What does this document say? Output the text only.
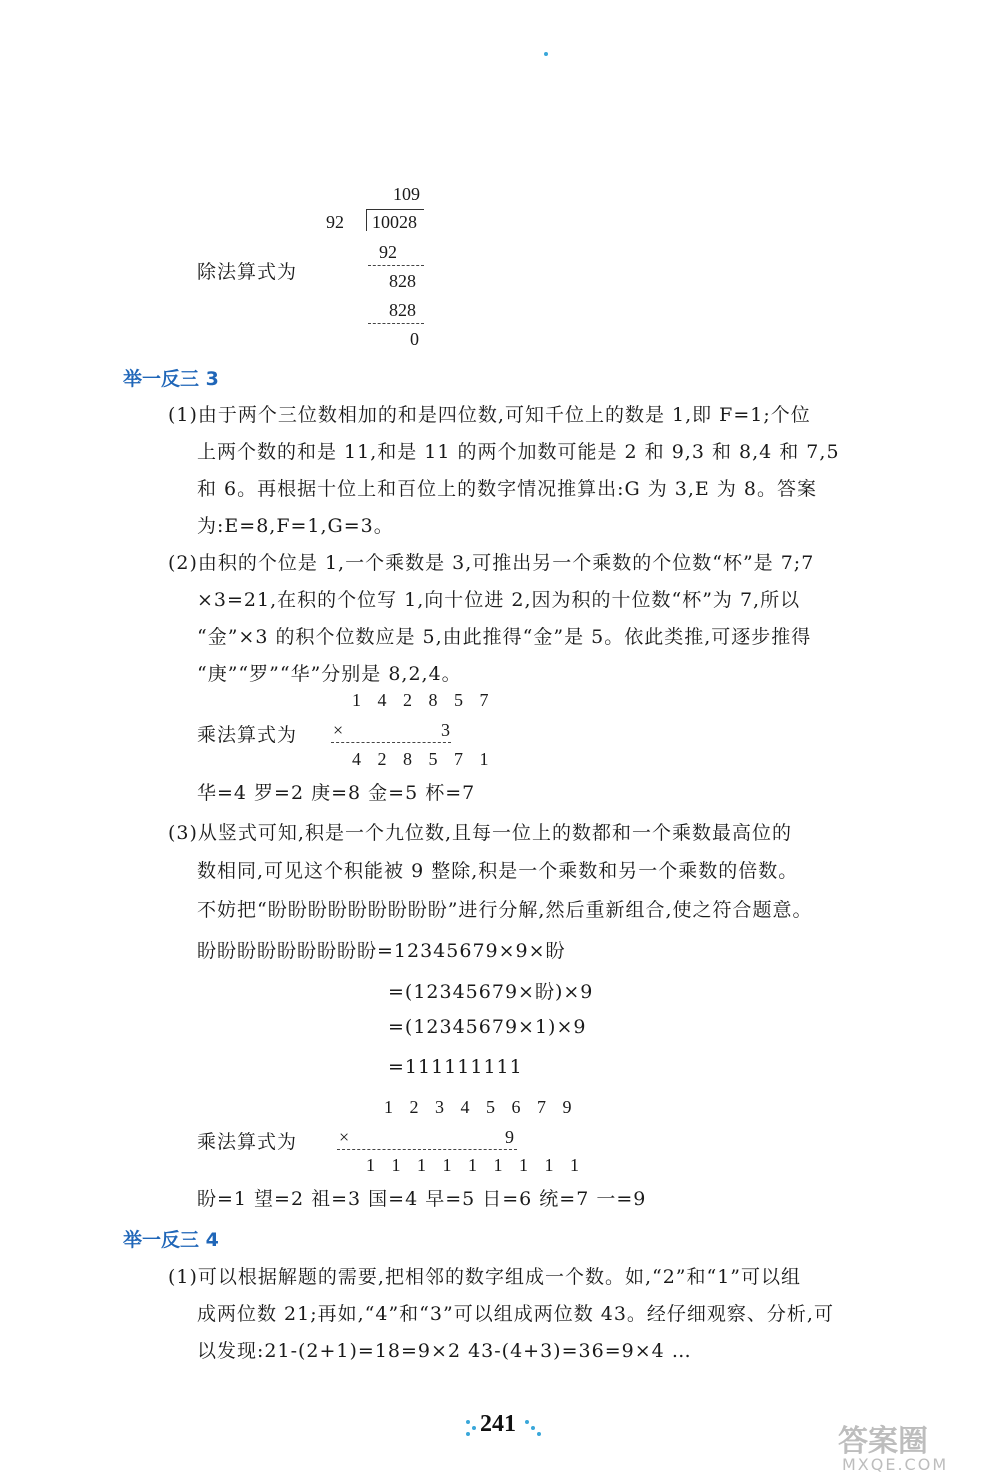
109
92 10028
除法算式为
92
828
828
0
举一反三 3
(1)由于两个三位数相加的和是四位数,可知千位上的数是 1,即 F=1;个位
上两个数的和是 11,和是 11 的两个加数可能是 2 和 9,3 和 8,4 和 7,5
和 6。再根据十位上和百位上的数字情况推算出:G 为 3,E 为 8。答案
为:E=8,F=1,G=3。
(2)由积的个位是 1,一个乘数是 3,可推出另一个乘数的个位数“杯”是 7;7
×3=21,在积的个位写 1,向十位进 2,因为积的十位数“杯”为 7,所以
“金”×3 的积个位数应是 5,由此推得“金”是 5。依此类推,可逐步推得
“庚”“罗”“华”分别是 8,2,4。
1 4 2 8 5 7
乘法算式为 ×	3
4 2 8 5 7 1
华=4 罗=2 庚=8 金=5 杯=7
(3)从竖式可知,积是一个九位数,且每一位上的数都和一个乘数最高位的
数相同,可见这个积能被 9 整除,积是一个乘数和另一个乘数的倍数。
不妨把“盼盼盼盼盼盼盼盼盼”进行分解,然后重新组合,使之符合题意。
盼盼盼盼盼盼盼盼盼=12345679×9×盼
=(12345679×盼)×9
=(12345679×1)×9
=111111111
1 2 3 4 5 6 7 9
乘法算式为 ×	9
1 1 1 1 1 1 1 1 1
盼=1 望=2 祖=3 国=4 早=5 日=6 统=7 一=9
举一反三 4
(1)可以根据解题的需要,把相邻的数字组成一个数。如,“2”和“1”可以组
成两位数 21;再如,“4”和“3”可以组成两位数 43。经仔细观察、分析,可
以发现:21-(2+1)=18=9×2 43-(4+3)=36=9×4 …
241	答案圈
MXQE.COM
